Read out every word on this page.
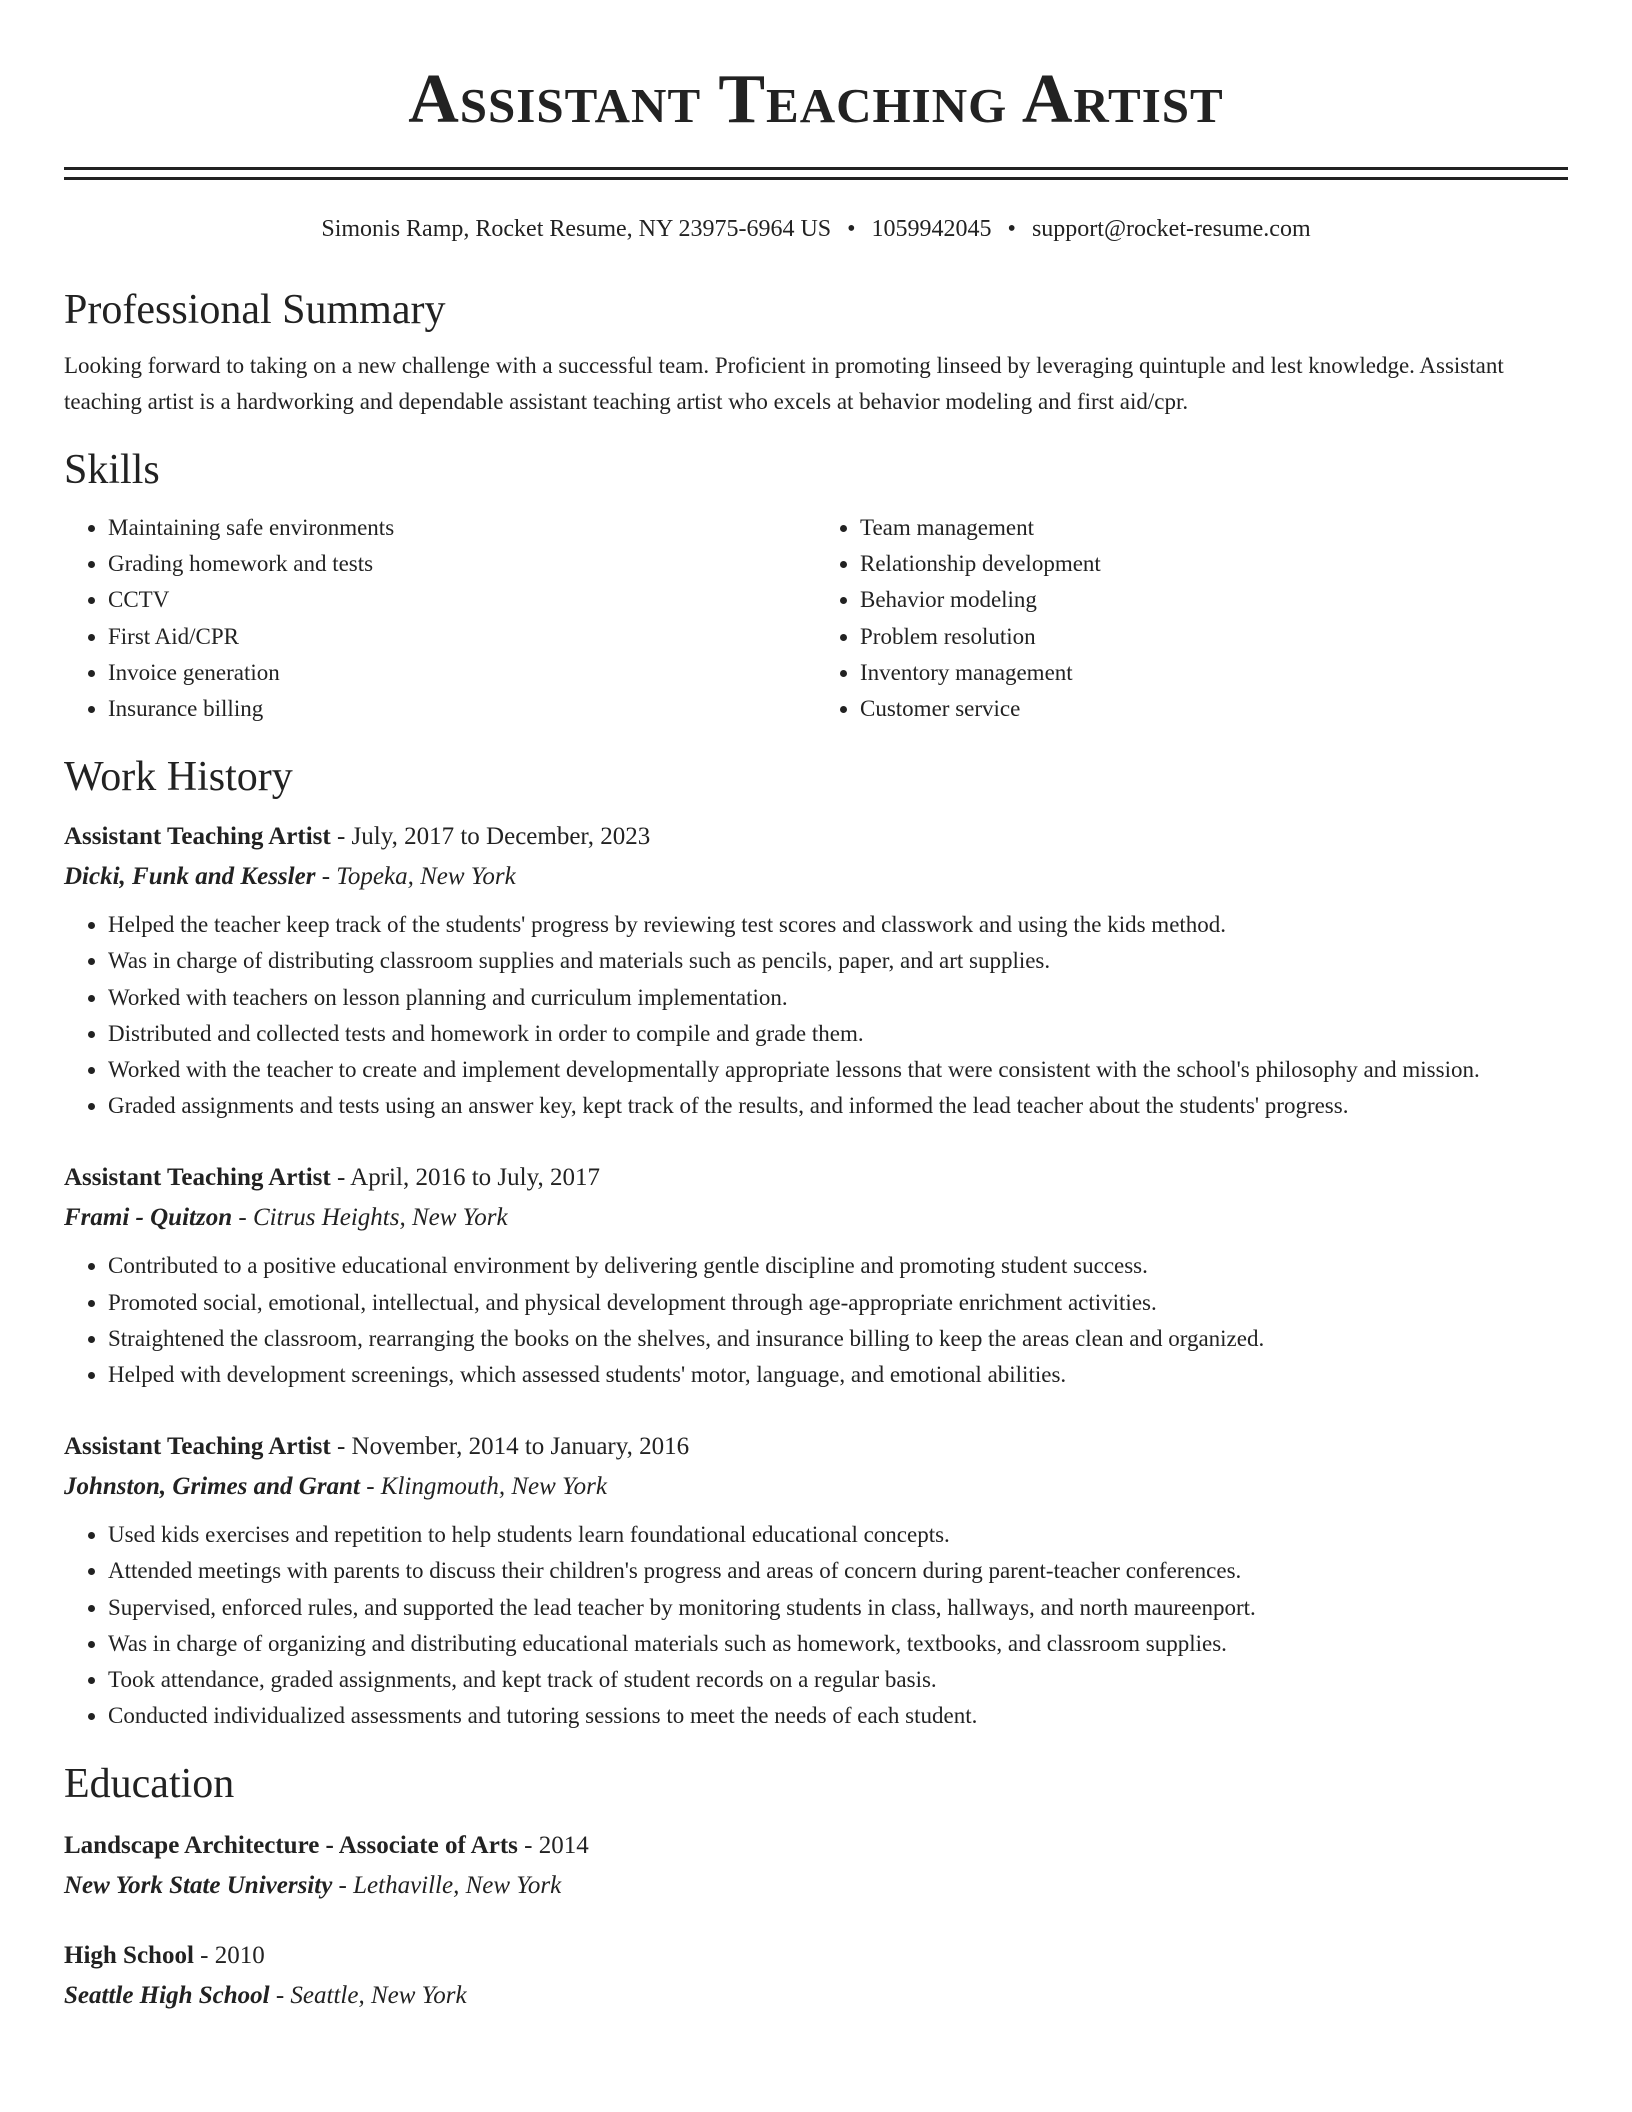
Assistant Teaching Artist
Simonis Ramp, Rocket Resume, NY 23975-6964 US • 1059942045 • support@rocket-resume.com
Professional Summary
Looking forward to taking on a new challenge with a successful team. Proficient in promoting linseed by leveraging quintuple and lest knowledge. Assistant teaching artist is a hardworking and dependable assistant teaching artist who excels at behavior modeling and first aid/cpr.
Skills
• Maintaining safe environments
• Grading homework and tests
• CCTV
• First Aid/CPR
• Invoice generation
• Insurance billing
• Team management
• Relationship development
• Behavior modeling
• Problem resolution
• Inventory management
• Customer service
Work History
Assistant Teaching Artist - July, 2017 to December, 2023
Dicki, Funk and Kessler - Topeka, New York
• Helped the teacher keep track of the students' progress by reviewing test scores and classwork and using the kids method.
• Was in charge of distributing classroom supplies and materials such as pencils, paper, and art supplies.
• Worked with teachers on lesson planning and curriculum implementation.
• Distributed and collected tests and homework in order to compile and grade them.
• Worked with the teacher to create and implement developmentally appropriate lessons that were consistent with the school's philosophy and mission.
• Graded assignments and tests using an answer key, kept track of the results, and informed the lead teacher about the students' progress.
Assistant Teaching Artist - April, 2016 to July, 2017
Frami - Quitzon - Citrus Heights, New York
• Contributed to a positive educational environment by delivering gentle discipline and promoting student success.
• Promoted social, emotional, intellectual, and physical development through age-appropriate enrichment activities.
• Straightened the classroom, rearranging the books on the shelves, and insurance billing to keep the areas clean and organized.
• Helped with development screenings, which assessed students' motor, language, and emotional abilities.
Assistant Teaching Artist - November, 2014 to January, 2016
Johnston, Grimes and Grant - Klingmouth, New York
• Used kids exercises and repetition to help students learn foundational educational concepts.
• Attended meetings with parents to discuss their children's progress and areas of concern during parent-teacher conferences.
• Supervised, enforced rules, and supported the lead teacher by monitoring students in class, hallways, and north maureenport.
• Was in charge of organizing and distributing educational materials such as homework, textbooks, and classroom supplies.
• Took attendance, graded assignments, and kept track of student records on a regular basis.
• Conducted individualized assessments and tutoring sessions to meet the needs of each student.
Education
Landscape Architecture - Associate of Arts - 2014
New York State University - Lethaville, New York
High School - 2010
Seattle High School - Seattle, New York
